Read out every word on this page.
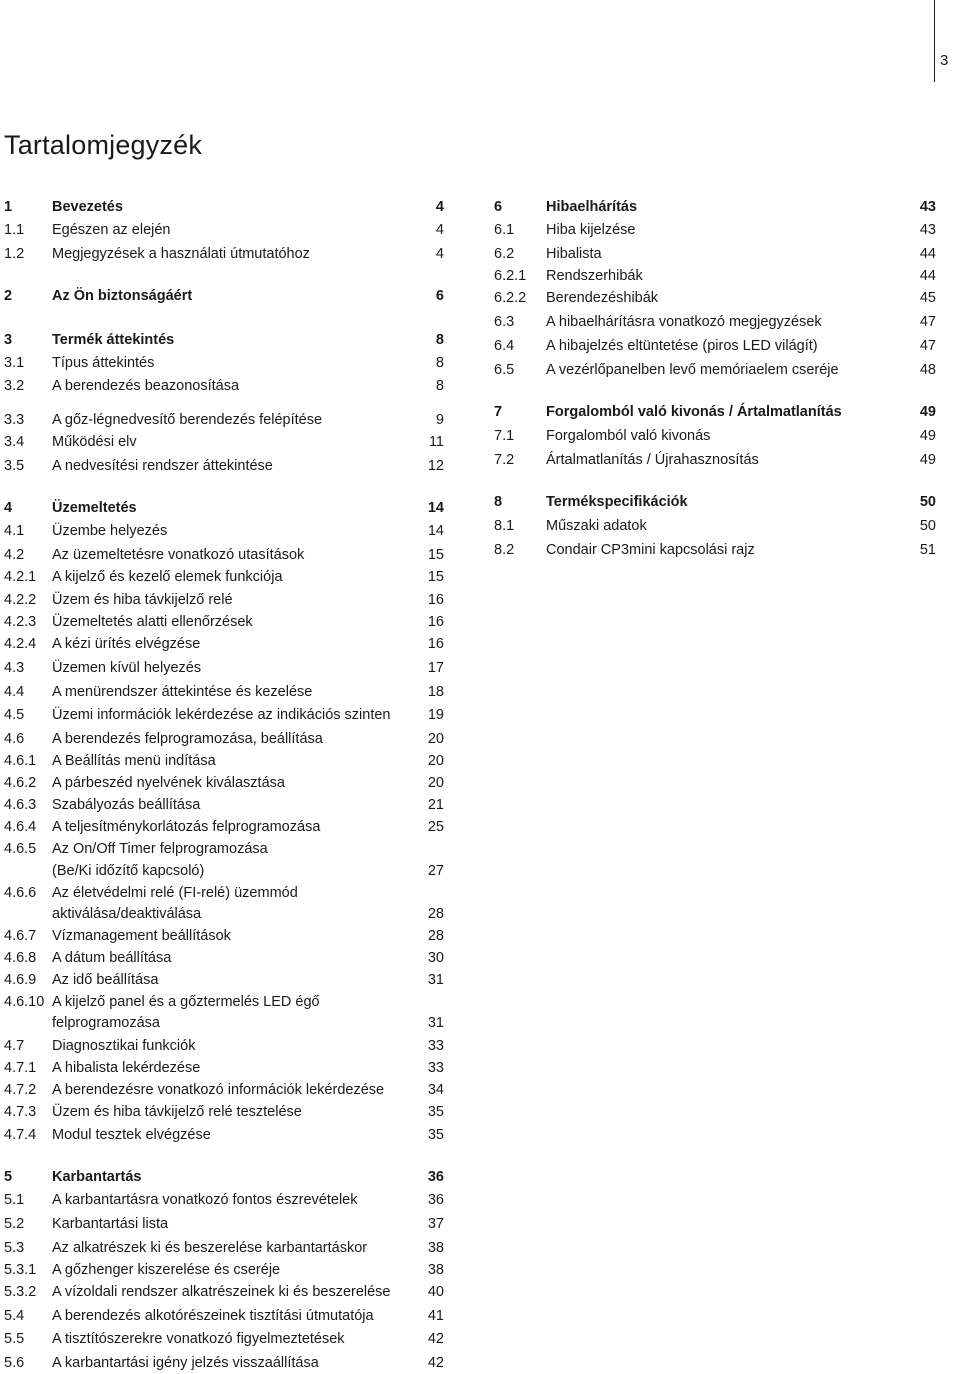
3
Tartalomjegyzék
1	Bevezetés	4
1.1 Egészen az elején	4
1.2 Megjegyzések a használati útmutatóhoz	4
2	Az Ön biztonságáért	6
3	Termék áttekintés	8
3.1 Típus áttekintés	8
3.2 A berendezés beazonosítása	8
3.3 A gőz-légnedvesítő berendezés felépítése	9
3.4 Működési elv	11
3.5 A nedvesítési rendszer áttekintése	12
4	Üzemeltetés	14
4.1 Üzembe helyezés	14
4.2 Az üzemeltetésre vonatkozó utasítások	15
4.2.1 A kijelző és kezelő elemek funkciója	15
4.2.2 Üzem és hiba távkijelző relé	16
4.2.3 Üzemeltetés alatti ellenőrzések	16
4.2.4 A kézi ürítés elvégzése	16
4.3 Üzemen kívül helyezés	17
4.4 A menürendszer áttekintése és kezelése	18
4.5 Üzemi információk lekérdezése az indikációs szinten	19
4.6 A berendezés felprogramozása, beállítása	20
4.6.1 A Beállítás menü indítása	20
4.6.2 A párbeszéd nyelvének kiválasztása	20
4.6.3 Szabályozás beállítása	21
4.6.4 A teljesítménykorlátozás felprogramozása	25
4.6.5 Az On/Off Timer felprogramozása
(Be/Ki időzítő kapcsoló)	27
4.6.6 Az életvédelmi relé (FI-relé) üzemmód
aktiválása/deaktiválása	28
4.6.7 Vízmanagement beállítások	28
4.6.8 A dátum beállítása	30
4.6.9 Az idő beállítása	31
4.6.10 A kijelző panel és a gőztermelés LED égő
felprogramozása	31
4.7 Diagnosztikai funkciók	33
4.7.1 A hibalista lekérdezése	33
4.7.2 A berendezésre vonatkozó információk lekérdezése	34
4.7.3 Üzem és hiba távkijelző relé tesztelése	35
4.7.4 Modul tesztek elvégzése	35
5	Karbantartás	36
5.1 A karbantartásra vonatkozó fontos észrevételek	36
5.2 Karbantartási lista	37
5.3 Az alkatrészek ki és beszerelése karbantartáskor	38
5.3.1 A gőzhenger kiszerelése és cseréje	38
5.3.2 A vízoldali rendszer alkatrészeinek ki és beszerelése	40
5.4 A berendezés alkotórészeinek tisztítási útmutatója	41
5.5 A tisztítószerekre vonatkozó figyelmeztetések	42
5.6 A karbantartási igény jelzés visszaállítása	42
6	Hibaelhárítás	43
6.1 Hiba kijelzése	43
6.2 Hibalista	44
6.2.1 Rendszerhibák	44
6.2.2 Berendezéshibák	45
6.3 A hibaelhárításra vonatkozó megjegyzések	47
6.4 A hibajelzés eltüntetése (piros LED világít)	47
6.5 A vezérlőpanelben levő memóriaelem cseréje	48
7	Forgalomból való kivonás / Ártalmatlanítás	49
7.1 Forgalomból való kivonás	49
7.2 Ártalmatlanítás / Újrahasznosítás	49
8	Termékspecifikációk	50
8.1 Műszaki adatok	50
8.2 Condair CP3mini kapcsolási rajz	51
